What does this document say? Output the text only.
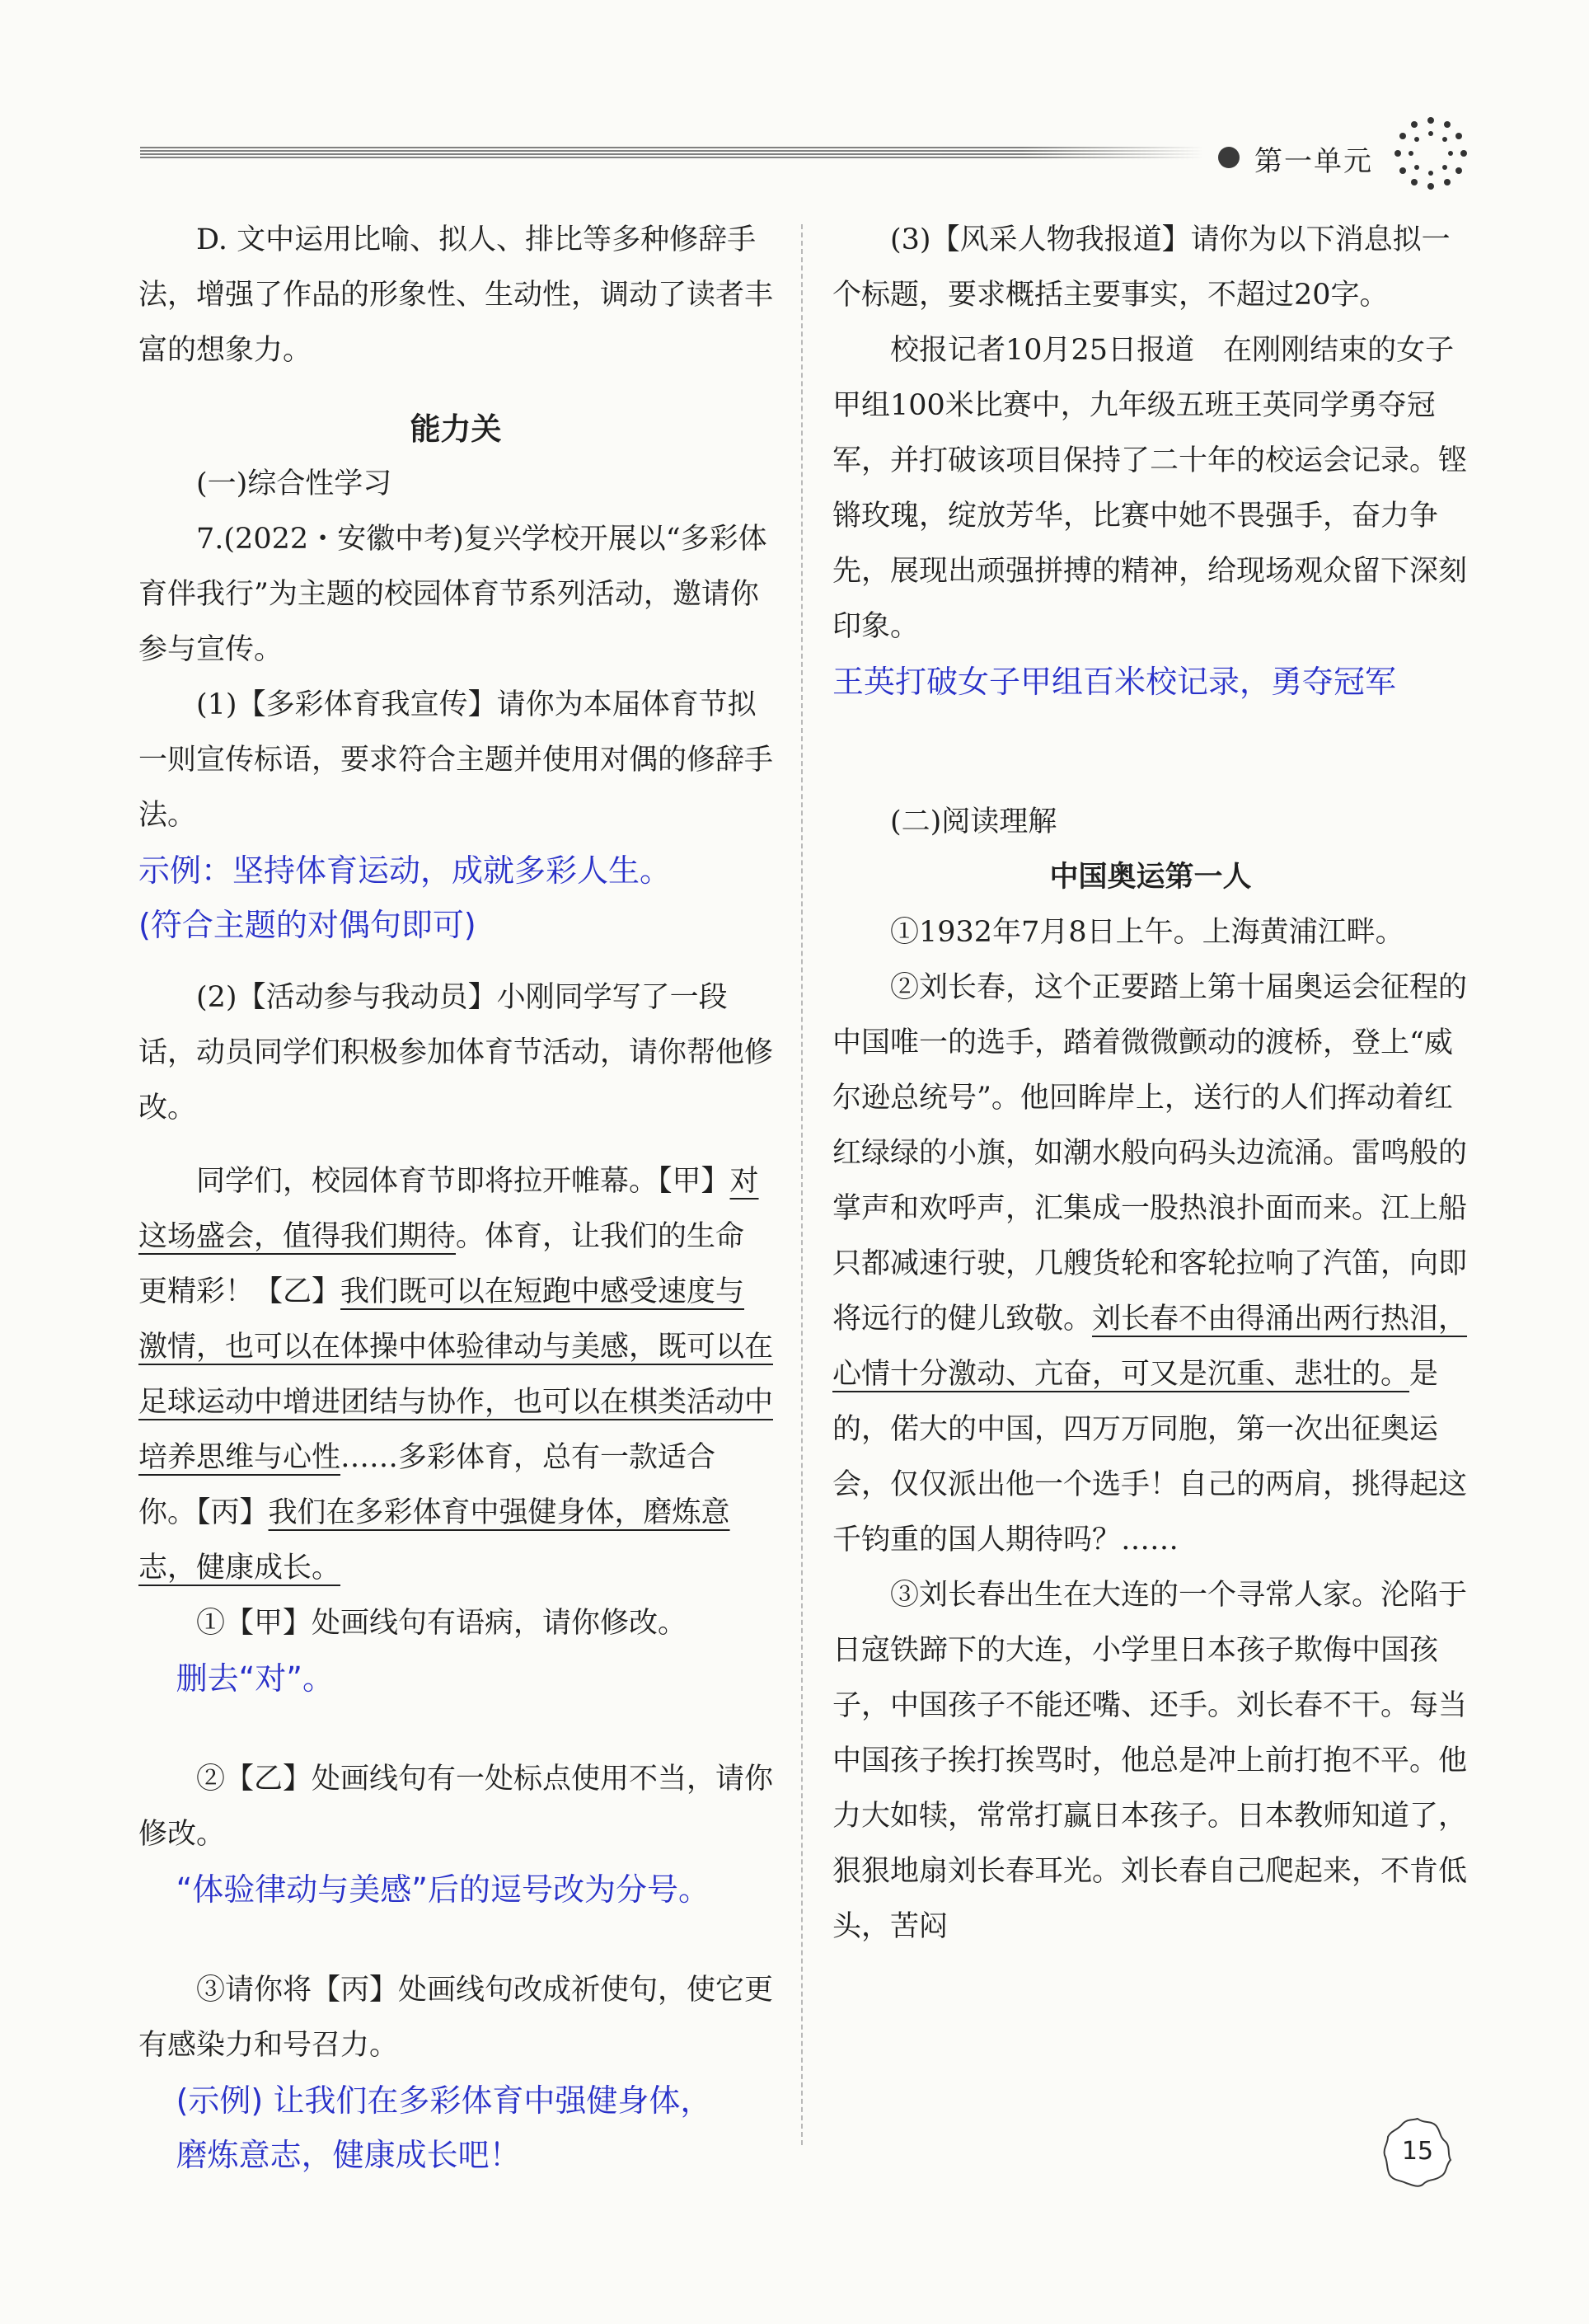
第一单元

D. 文中运用比喻、拟人、排比等多种修辞手法，增强了作品的形象性、生动性，调动了读者丰富的想象力。

能力关

(一)综合性学习

7.(2022・安徽中考)复兴学校开展以“多彩体育伴我行”为主题的校园体育节系列活动，邀请你参与宣传。

(1)【多彩体育我宣传】请你为本届体育节拟一则宣传标语，要求符合主题并使用对偶的修辞手法。

示例：坚持体育运动，成就多彩人生。

(符合主题的对偶句即可)

(2)【活动参与我动员】小刚同学写了一段话，动员同学们积极参加体育节活动，请你帮他修改。

同学们，校园体育节即将拉开帷幕。【甲】对这场盛会，值得我们期待。体育，让我们的生命更精彩！【乙】我们既可以在短跑中感受速度与激情，也可以在体操中体验律动与美感，既可以在足球运动中增进团结与协作，也可以在棋类活动中培养思维与心性……多彩体育，总有一款适合你。【丙】我们在多彩体育中强健身体，磨炼意志，健康成长。

①【甲】处画线句有语病，请你修改。

删去“对”。

②【乙】处画线句有一处标点使用不当，请你修改。

“体验律动与美感”后的逗号改为分号。

③请你将【丙】处画线句改成祈使句，使它更有感染力和号召力。

(示例) 让我们在多彩体育中强健身体，

磨炼意志，健康成长吧！

(3)【风采人物我报道】请你为以下消息拟一个标题，要求概括主要事实，不超过20字。

校报记者10月25日报道　在刚刚结束的女子甲组100米比赛中，九年级五班王英同学勇夺冠军，并打破该项目保持了二十年的校运会记录。铿锵玫瑰，绽放芳华，比赛中她不畏强手，奋力争先，展现出顽强拼搏的精神，给现场观众留下深刻印象。

王英打破女子甲组百米校记录，勇夺冠军

(二)阅读理解

中国奥运第一人

①1932年7月8日上午。上海黄浦江畔。

②刘长春，这个正要踏上第十届奥运会征程的中国唯一的选手，踏着微微颤动的渡桥，登上“威尔逊总统号”。他回眸岸上，送行的人们挥动着红红绿绿的小旗，如潮水般向码头边流涌。雷鸣般的掌声和欢呼声，汇集成一股热浪扑面而来。江上船只都减速行驶，几艘货轮和客轮拉响了汽笛，向即将远行的健儿致敬。刘长春不由得涌出两行热泪，心情十分激动、亢奋，可又是沉重、悲壮的。是的，偌大的中国，四万万同胞，第一次出征奥运会，仅仅派出他一个选手！自己的两肩，挑得起这千钧重的国人期待吗？……

③刘长春出生在大连的一个寻常人家。沦陷于日寇铁蹄下的大连，小学里日本孩子欺侮中国孩子，中国孩子不能还嘴、还手。刘长春不干。每当中国孩子挨打挨骂时，他总是冲上前打抱不平。他力大如犊，常常打赢日本孩子。日本教师知道了，狠狠地扇刘长春耳光。刘长春自己爬起来，不肯低头，苦闷

15
